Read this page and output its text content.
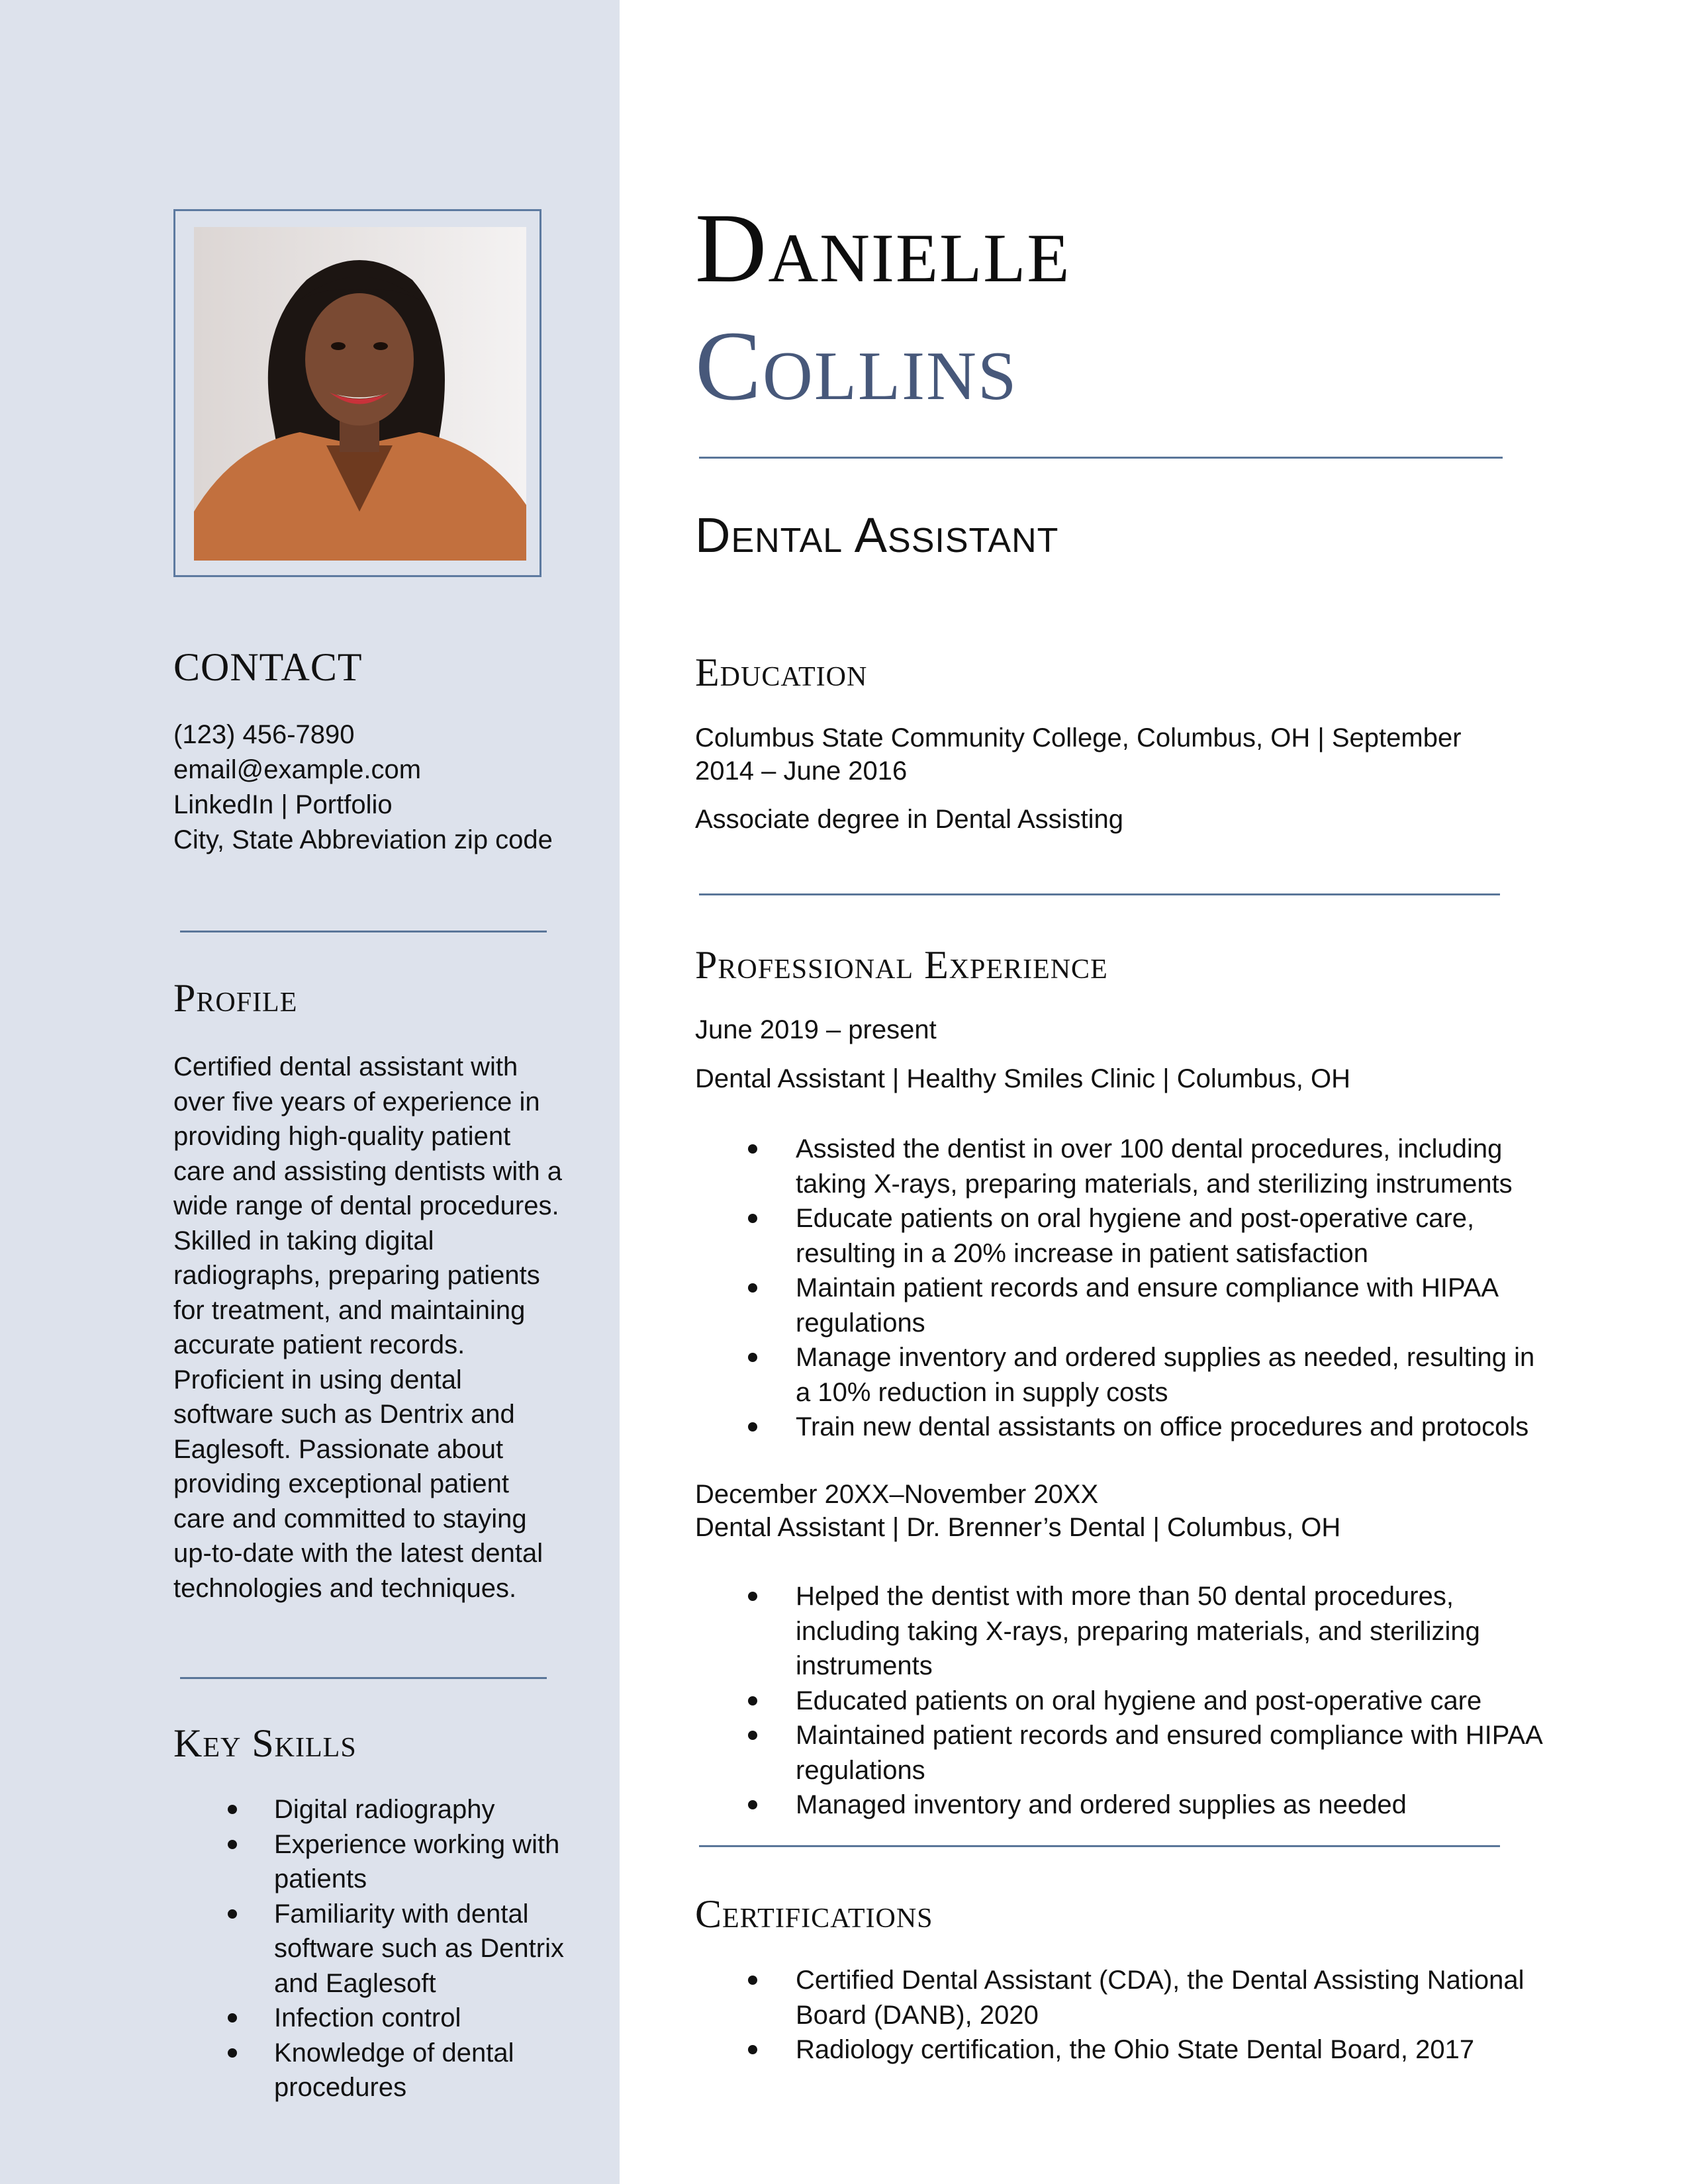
CONTACT
(123) 456-7890
email@example.com
LinkedIn | Portfolio
City, State Abbreviation zip code
Profile
Certified dental assistant with over five years of experience in providing high-quality patient care and assisting dentists with a wide range of dental procedures. Skilled in taking digital radiographs, preparing patients for treatment, and maintaining accurate patient records. Proficient in using dental software such as Dentrix and Eaglesoft. Passionate about providing exceptional patient care and committed to staying up-to-date with the latest dental technologies and techniques.
Key Skills
Digital radiography
Experience working with patients
Familiarity with dental software such as Dentrix and Eaglesoft
Infection control
Knowledge of dental procedures
Danielle
Collins
Dental Assistant
Education
Columbus State Community College, Columbus, OH | September 2014 – June 2016
Associate degree in Dental Assisting
Professional Experience
June 2019 – present
Dental Assistant | Healthy Smiles Clinic | Columbus, OH
Assisted the dentist in over 100 dental procedures, including taking X-rays, preparing materials, and sterilizing instruments
Educate patients on oral hygiene and post-operative care, resulting in a 20% increase in patient satisfaction
Maintain patient records and ensure compliance with HIPAA regulations
Manage inventory and ordered supplies as needed, resulting in a 10% reduction in supply costs
Train new dental assistants on office procedures and protocols
December 20XX–November 20XX
Dental Assistant | Dr. Brenner’s Dental | Columbus, OH
Helped the dentist with more than 50 dental procedures, including taking X-rays, preparing materials, and sterilizing instruments
Educated patients on oral hygiene and post-operative care
Maintained patient records and ensured compliance with HIPAA regulations
Managed inventory and ordered supplies as needed
Certifications
Certified Dental Assistant (CDA), the Dental Assisting National Board (DANB), 2020
Radiology certification, the Ohio State Dental Board, 2017
